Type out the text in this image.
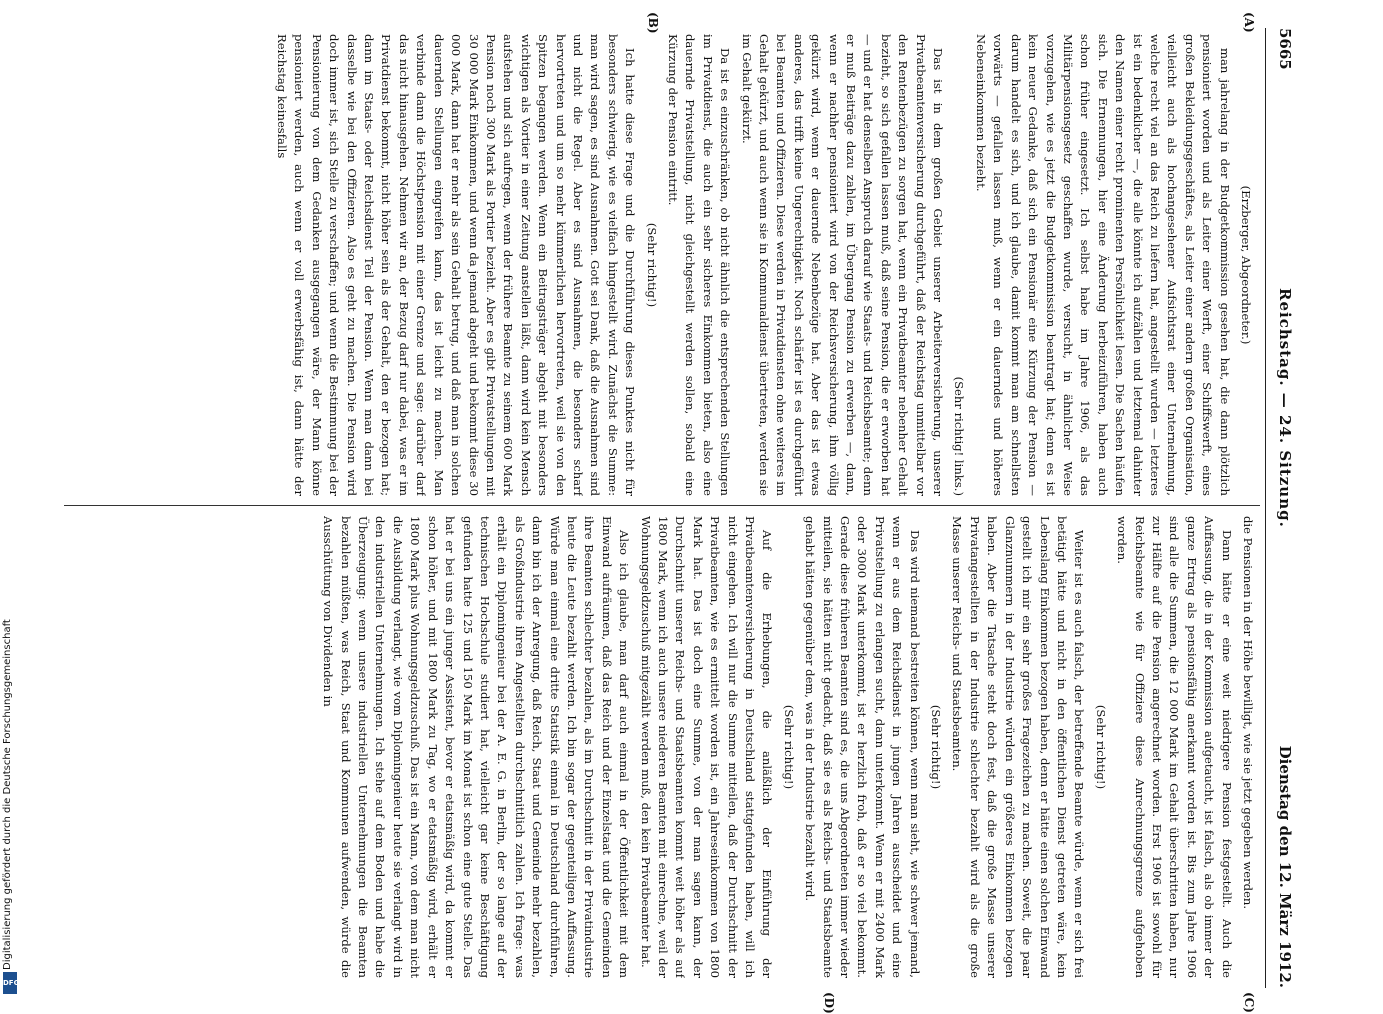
5665
Reichstag. — 24. Sitzung.
Dienstag den 12. März 1912.
(A)
(B)
(C)
(D)

(Erzberger, Abgeordneter.)

man jahrelang in der Budgetkommission gesehen hat, die dann plötzlich pensioniert worden und als Leiter einer Werft, einer Schiffswerft, eines großen Bekleidungsgeschäftes, als Leiter einer andern großen Organisation, vielleicht auch als hochangesehener Aufsichtsrat einer Unternehmung, welche recht viel an das Reich zu liefern hat, angestellt wurden — letzteres ist ein bedenklicher —, die alle könnte ich aufzählen und letztemal dahinter den Namen einer recht prominenten Persönlichkeit lesen. Die Sachen häufen sich. Die Ernennungen, hier eine Änderung herbeizuführen, haben auch schon früher eingesetzt. Ich selbst habe im Jahre 1906, als das Militärpensionsgesetz geschaffen wurde, versucht, in ähnlicher Weise vorzugehen, wie es jetzt die Budgetkommission beantragt hat; denn es ist kein neuer Gedanke, daß sich ein Pensionär eine Kürzung der Pension — darum handelt es sich, und ich glaube, damit kommt man am schnellsten vorwärts — gefallen lassen muß, wenn er ein dauerndes und höheres Nebeneinkommen bezieht.

(Sehr richtig! links.)

Das ist in dem großen Gebiet unserer Arbeiterversicherung, unserer Privatbeamtenversicherung durchgeführt, daß der Reichstag unmittelbar vor den Rentenbezügen zu sorgen hat, wenn ein Privatbeamter nebenher Gehalt bezieht, so sich gefallen lassen muß, daß seine Pension, die er erworben hat — und er hat denselben Anspruch darauf wie Staats- und Reichsbeamte; denn er muß Beiträge dazu zahlen, im Übergang Pension zu erwerben —, dann, wenn er nachher pensioniert wird von der Reichsversicherung, ihm völlig gekürzt wird, wenn er dauernde Nebenbezüge hat. Aber das ist etwas anderes, das trifft keine Ungerechtigkeit. Noch schärfer ist es durchgeführt bei Beamten und Offizieren. Diese werden in Privatdiensten ohne weiteres im Gehalt gekürzt, und auch wenn sie in Kommunaldienst übertreten, werden sie im Gehalt gekürzt.

Da ist es einzuschränken, ob nicht ähnlich die entsprechenden Stellungen im Privatdienst, die auch ein sehr sicheres Einkommen bieten, also eine dauernde Privatstellung, nicht gleichgestellt werden sollen, sobald eine Kürzung der Pension eintritt.

(Sehr richtig!)

Ich hatte diese Frage und die Durchführung dieses Punktes nicht für besonders schwierig, wie es vielfach hingestellt wird. Zunächst die Summe: man wird sagen, es sind Ausnahmen. Gott sei Dank, daß die Ausnahmen sind und nicht die Regel. Aber es sind Ausnahmen, die besonders scharf hervortreten und um so mehr kümmerlichen hervortreten, weil sie von den Spitzen begangen werden. Wenn ein Beitragsträger abgeht mit besonders wichtigen als Vortier in einer Zeitung anstellen läßt, dann wird kein Mensch aufstehen und sich aufregen, wenn der frühere Beamte zu seinem 600 Mark Pension noch 300 Mark als Portier bezieht. Aber es gibt Privatstellungen mit 30 000 Mark Einkommen, und wenn da jemand abgeht und bekommt diese 30 000 Mark, dann hat er mehr als sein Gehalt betrug, und daß man in solchen dauernden Stellungen eingreifen kann, das ist leicht zu machen. Man verbinde dann die Höchstpension mit einer Grenze und sage: darüber darf das nicht hinausgehen. Nehmen wir an, der Bezug darf nur dabei, was er im Privatdienst bekommt, nicht höher sein als der Gehalt, den er bezogen hat; dann im Staats- oder Reichsdienst Teil der Pension. Wenn man dann bei dasselbe wie bei den Offizieren. Also es geht zu machen. Die Pension wird doch immer ist, sich Stelle zu verschaffen; und wenn die Bestimmung bei der Pensionierung von dem Gedanken ausgegangen wäre, der Mann könne pensioniert werden, auch wenn er voll erwerbsfähig ist, dann hätte der Reichstag keinesfalls

die Pensionen in der Höhe bewilligt, wie sie jetzt gegeben werden.

Dann hätte er eine weit niedrigere Pension festgestellt. Auch die Auffassung, die in der Kommission aufgetaucht, ist falsch, als ob immer der ganze Ertrag als pensionsfähig anerkannt worden ist. Bis zum Jahre 1906 sind alle die Summen, die 12 000 Mark im Gehalt überschritten haben, nur zur Hälfte auf die Pension angerechnet worden. Erst 1906 ist sowohl für Reichsbeamte wie für Offiziere diese Anrechnungsgrenze aufgehoben worden.

(Sehr richtig!)

Weiter ist es auch falsch, der betreffende Beamte würde, wenn er sich frei betätigt hätte und nicht in den öffentlichen Dienst getreten wäre, kein Lebenslang Einkommen bezogen haben, denn er hätte einen solchen Einwand gestellt ich mir ein sehr großes Fragezeichen zu machen. Soweit, die paar Glanznummern in der Industrie würden ein größeres Einkommen bezogen haben. Aber die Tatsache steht doch fest, daß die große Masse unserer Privatangestellten in der Industrie schlechter bezahlt wird als die große Masse unserer Reichs- und Staatsbeamten.

(Sehr richtig!)

Das wird niemand bestreiten können, wenn man sieht, wie schwer jemand, wenn er aus dem Reichsdienst in jungen Jahren ausscheidet und eine Privatstellung zu erlangen sucht, dann unterkommt. Wenn er mit 2400 Mark oder 3000 Mark unterkommt, ist er herzlich froh, daß er so viel bekommt. Gerade diese früheren Beamten sind es, die uns Abgeordneten immer wieder mitteilen, sie hätten nicht gedacht, daß sie es als Reichs- und Staatsbeamte gehabt hätten gegenüber dem, was in der Industrie bezahlt wird.

(Sehr richtig!)

Auf die Erhebungen, die anläßlich der Einführung der Privatbeamtenversicherung in Deutschland stattgefunden haben, will ich nicht eingehen. Ich will nur die Summe mitteilen, daß der Durchschnitt der Privatbeamten, wie es ermittelt worden ist, ein Jahreseinkommen von 1800 Mark hat. Das ist doch eine Summe, von der man sagen kann, der Durchschnitt unserer Reichs- und Staatsbeamten kommt weit höher als auf 1800 Mark, wenn ich auch unsere niederen Beamten mit einrechne, weil der Wohnungsgeldzuschuß mitgezählt werden muß, den kein Privatbeamter hat.

Also ich glaube, man darf auch einmal in der Öffentlichkeit mit dem Einwand aufräumen, daß das Reich und der Einzelstaat und die Gemeinden ihre Beamten schlechter bezahlen, als im Durchschnitt in der Privatindustrie heute die Leute bezahlt werden. Ich bin sogar der gegenteiligen Auffassung. Würde man einmal eine dritte Statistik einmal in Deutschland durchführen, dann bin ich der Anregung, daß Reich, Staat und Gemeinde mehr bezahlen, als Großindustrie ihren Angestellten durchschnittlich zahlen. Ich frage: was erhält ein Diplomingenieur bei der A. E. G. in Berlin, der so lange auf der technischen Hochschule studiert hat, vielleicht gar keine Beschäftigung gefunden hatte 125 und 150 Mark im Monat ist schon eine gute Stelle. Das hat er bei uns ein junger Assistent, bevor er etatsmäßig wird, da kommt er schon höher, und mit 1800 Mark zu Tag, wo er etatsmäßig wird, erhält er 1800 Mark plus Wohnungsgeldzuschuß. Das ist ein Mann, von dem man nicht die Ausbildung verlangt, wie vom Diplomingenieur heute sie verlangt wird in den industriellen Unternehmungen. Ich stehe auf dem Boden und habe die Überzeugung: wenn unsere industriellen Unternehmungen die Beamten bezahlen müßten, was Reich, Staat und Kommunen aufwenden, würde die Ausschüttung von Dividenden in

Digitalisierung gefördert durch die Deutsche Forschungsgemeinschaft
DFG
